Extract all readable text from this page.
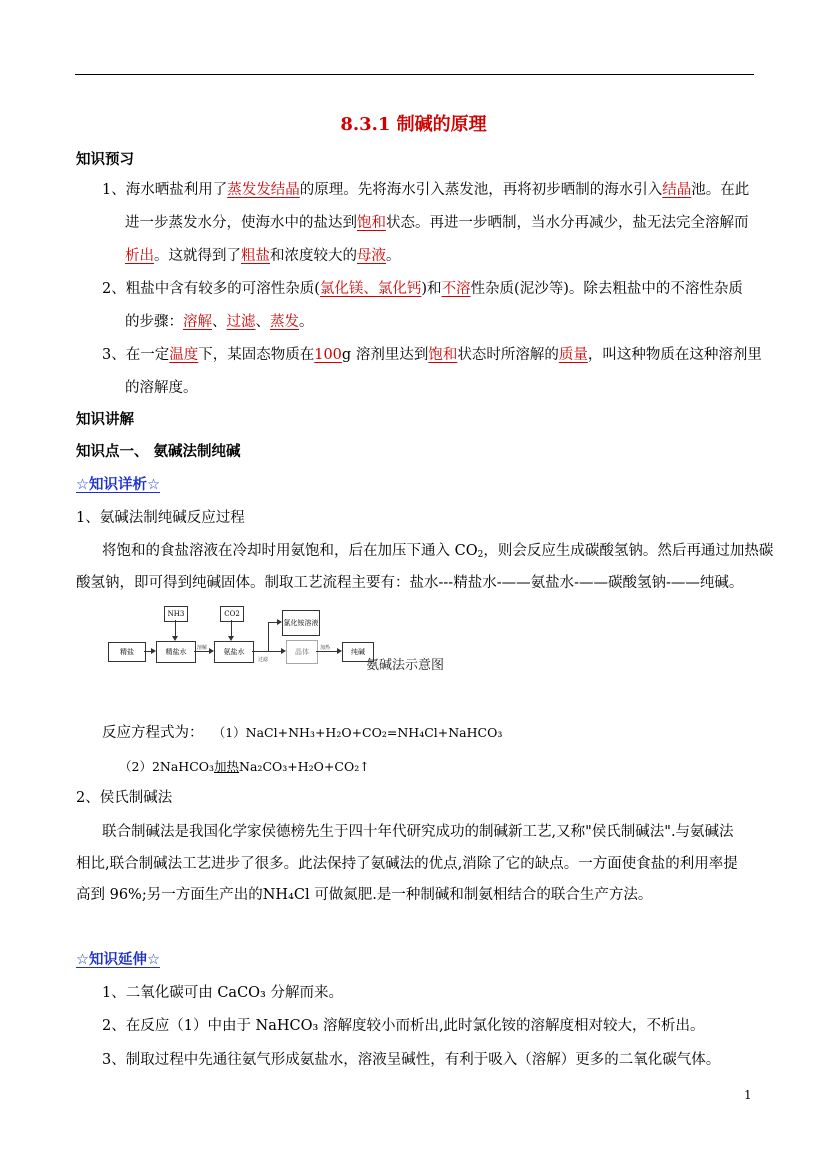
8.3.1 制碱的原理
知识预习
1、海水晒盐利用了蒸发发结晶的原理。先将海水引入蒸发池，再将初步晒制的海水引入结晶池。在此
进一步蒸发水分，使海水中的盐达到饱和状态。再进一步晒制，当水分再减少，盐无法完全溶解而
析出。这就得到了粗盐和浓度较大的母液。
2、粗盐中含有较多的可溶性杂质(氯化镁、氯化钙)和不溶性杂质(泥沙等)。除去粗盐中的不溶性杂质
的步骤：溶解、过滤、蒸发。
3、在一定温度下，某固态物质在100g 溶剂里达到饱和状态时所溶解的质量，叫这种物质在这种溶剂里
的溶解度。
知识讲解
知识点一、 氨碱法制纯碱
☆知识详析☆
1、氨碱法制纯碱反应过程
将饱和的食盐溶液在冷却时用氨饱和，后在加压下通入 $CO_2$，则会反应生成碳酸氢钠。然后再通过加热碳
酸氢钠，即可得到纯碱固体。制取工艺流程主要有：盐水---精盐水-——氨盐水-——碳酸氢钠-——纯碱。
精盐	精盐水	氨盐水
NH3	CO2
氯化铵溶液
晶体	纯碱
溶解
过滤
加热
氨碱法示意图
反应方程式为： （1）NaCl+NH₃+H₂O+CO₂=NH₄Cl+NaHCO₃
（2）2NaHCO₃加热Na₂CO₃+H₂O+CO₂↑
2、侯氏制碱法
联合制碱法是我国化学家侯德榜先生于四十年代研究成功的制碱新工艺,又称"侯氏制碱法".与氨碱法
相比,联合制碱法工艺进步了很多。此法保持了氨碱法的优点,消除了它的缺点。一方面使食盐的利用率提
高到 96%;另一方面生产出的NH₄Cl 可做氮肥.是一种制碱和制氨相结合的联合生产方法。
☆知识延伸☆
1、二氧化碳可由 CaCO₃ 分解而来。
2、在反应（1）中由于 NaHCO₃ 溶解度较小而析出,此时氯化铵的溶解度相对较大，不析出。
3、制取过程中先通往氨气形成氨盐水，溶液呈碱性，有利于吸入（溶解）更多的二氧化碳气体。
1
